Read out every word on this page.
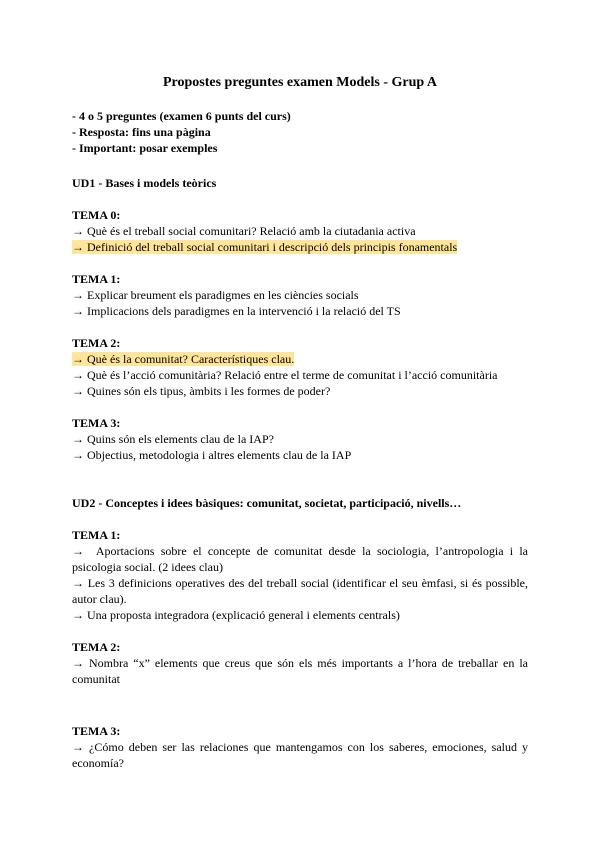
Propostes preguntes examen Models - Grup A
- 4 o 5 preguntes (examen 6 punts del curs)
- Resposta: fins una pàgina
- Important: posar exemples
UD1 - Bases i models teòrics
TEMA 0:
→ Què és el treball social comunitari? Relació amb la ciutadania activa
→ Definició del treball social comunitari i descripció dels principis fonamentals
TEMA 1:
→ Explicar breument els paradigmes en les ciències socials
→ Implicacions dels paradigmes en la intervenció i la relació del TS
TEMA 2:
→ Què és la comunitat? Característiques clau.
→ Què és l’acció comunitària? Relació entre el terme de comunitat i l’acció comunitària
→ Quines són els tipus, àmbits i les formes de poder?
TEMA 3:
→ Quins són els elements clau de la IAP?
→ Objectius, metodologia i altres elements clau de la IAP
UD2 - Conceptes i idees bàsiques: comunitat, societat, participació, nivells…
TEMA 1:
→ Aportacions sobre el concepte de comunitat desde la sociologia, l’antropologia i la psicologia social. (2 idees clau)
→ Les 3 definicions operatives des del treball social (identificar el seu èmfasi, si és possible, autor clau).
→ Una proposta integradora (explicació general i elements centrals)
TEMA 2:
→ Nombra “x” elements que creus que són els més importants a l’hora de treballar en la comunitat
TEMA 3:
→ ¿Cómo deben ser las relaciones que mantengamos con los saberes, emociones, salud y economía?
